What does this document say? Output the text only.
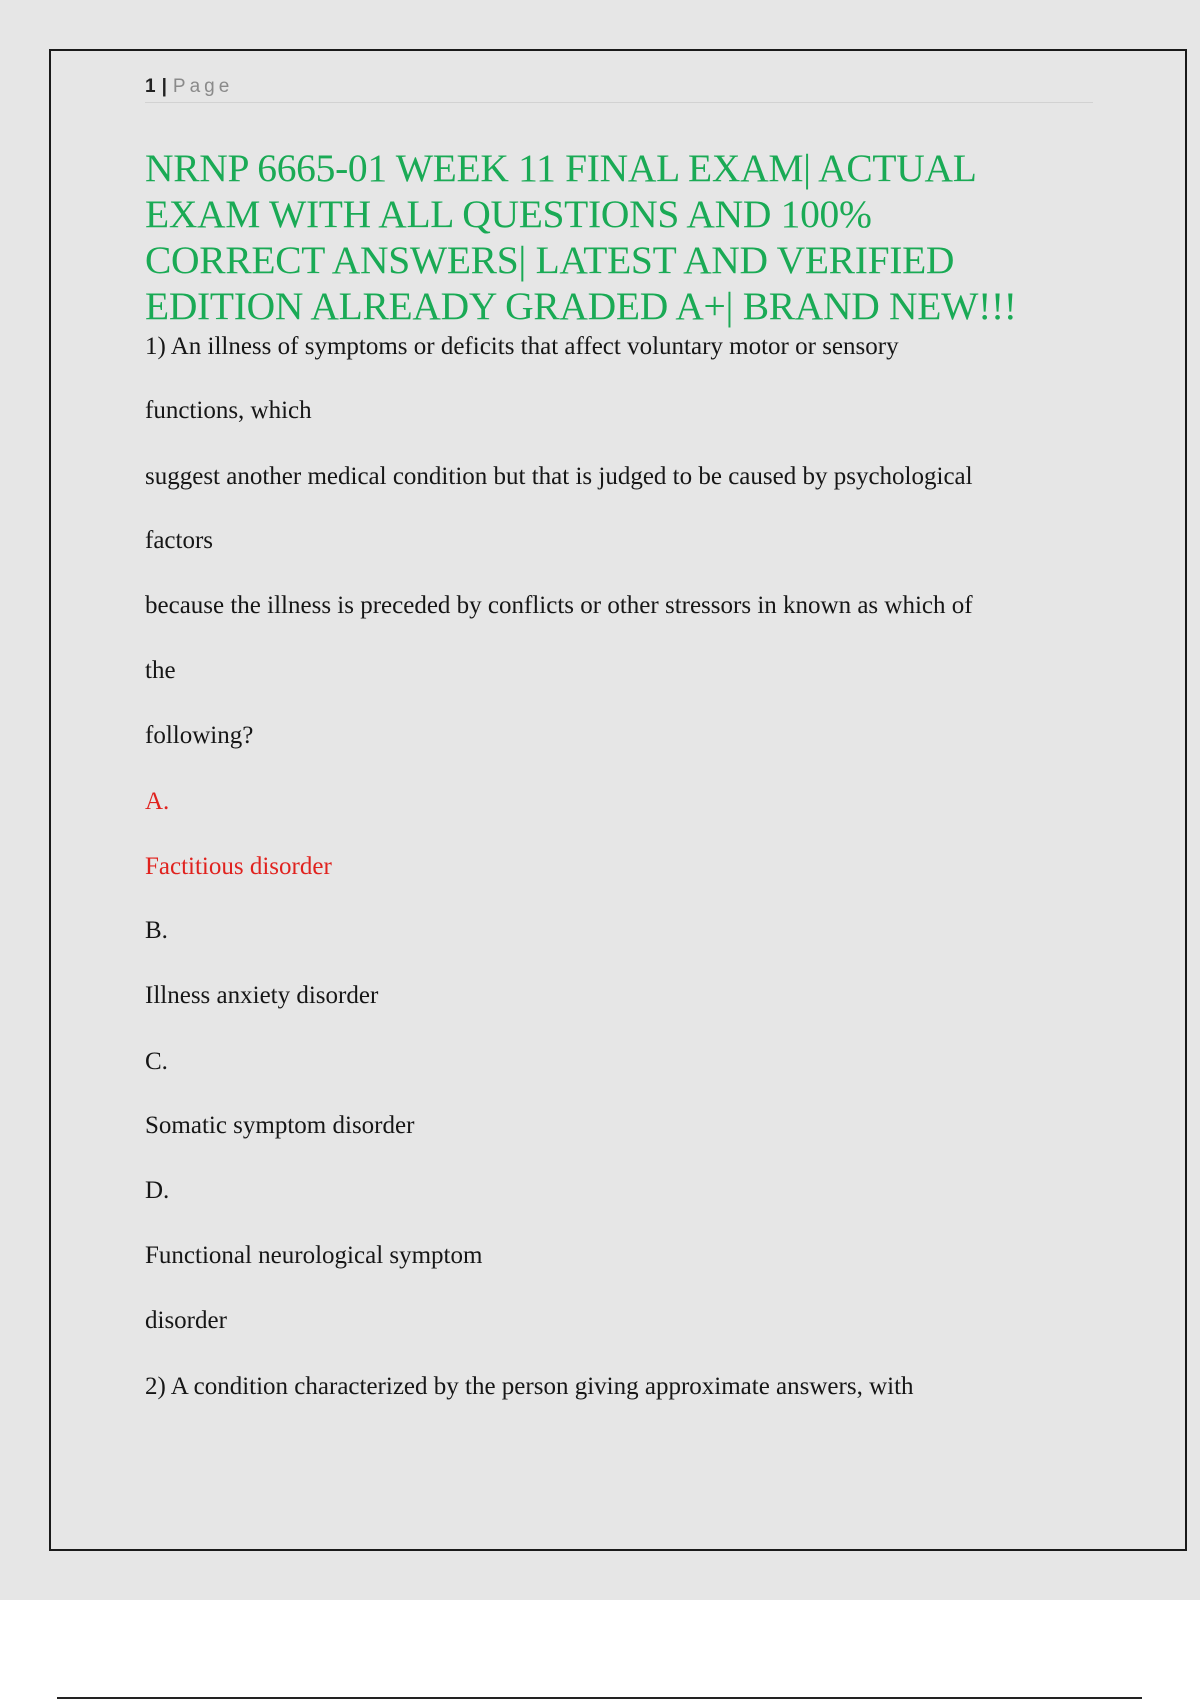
1 | Page
NRNP 6665-01 WEEK 11 FINAL EXAM| ACTUAL
EXAM WITH ALL QUESTIONS AND 100%
CORRECT ANSWERS| LATEST AND VERIFIED
EDITION ALREADY GRADED A+| BRAND NEW!!!

1) An illness of symptoms or deficits that affect voluntary motor or sensory

functions, which

suggest another medical condition but that is judged to be caused by psychological

factors

because the illness is preceded by conflicts or other stressors in known as which of

the

following?

A.

Factitious disorder

B.

Illness anxiety disorder

C.

Somatic symptom disorder

D.

Functional neurological symptom

disorder

2) A condition characterized by the person giving approximate answers, with
